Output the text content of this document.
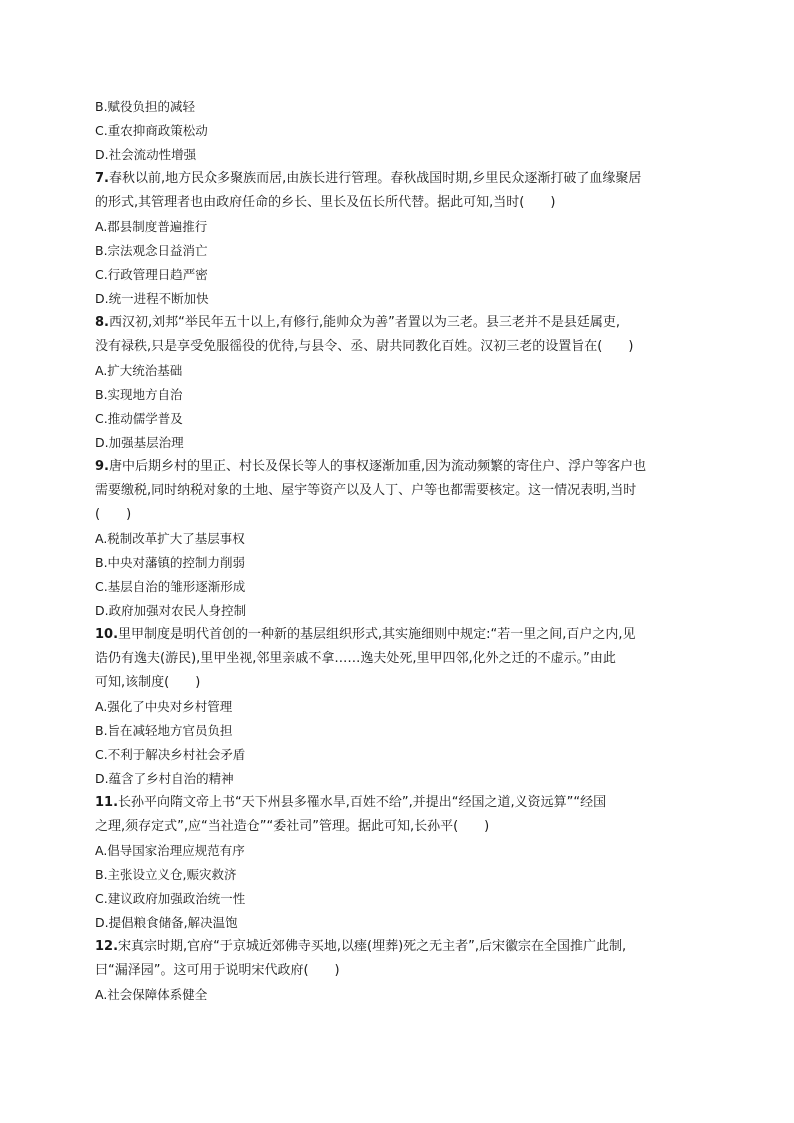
B.赋役负担的减轻
C.重农抑商政策松动
D.社会流动性增强
7.春秋以前,地方民众多聚族而居,由族长进行管理。春秋战国时期,乡里民众逐渐打破了血缘聚居
的形式,其管理者也由政府任命的乡长、里长及伍长所代替。据此可知,当时(　　)
A.郡县制度普遍推行
B.宗法观念日益消亡
C.行政管理日趋严密
D.统一进程不断加快
8.西汉初,刘邦“举民年五十以上,有修行,能帅众为善”者置以为三老。县三老并不是县廷属吏,
没有禄秩,只是享受免服徭役的优待,与县令、丞、尉共同教化百姓。汉初三老的设置旨在(　　)
A.扩大统治基础
B.实现地方自治
C.推动儒学普及
D.加强基层治理
9.唐中后期乡村的里正、村长及保长等人的事权逐渐加重,因为流动频繁的寄住户、浮户等客户也
需要缴税,同时纳税对象的土地、屋宇等资产以及人丁、户等也都需要核定。这一情况表明,当时
(　　)
A.税制改革扩大了基层事权
B.中央对藩镇的控制力削弱
C.基层自治的雏形逐渐形成
D.政府加强对农民人身控制
10.里甲制度是明代首创的一种新的基层组织形式,其实施细则中规定:“若一里之间,百户之内,见
诰仍有逸夫(游民),里甲坐视,邻里亲戚不拿……逸夫处死,里甲四邻,化外之迁的不虚示。”由此
可知,该制度(　　)
A.强化了中央对乡村管理
B.旨在减轻地方官员负担
C.不利于解决乡村社会矛盾
D.蕴含了乡村自治的精神
11.长孙平向隋文帝上书“天下州县多罹水旱,百姓不给”,并提出“经国之道,义资远算”“经国
之理,须存定式”,应“当社造仓”“委社司”管理。据此可知,长孙平(　　)
A.倡导国家治理应规范有序
B.主张设立义仓,赈灾救济
C.建议政府加强政治统一性
D.提倡粮食储备,解决温饱
12.宋真宗时期,官府“于京城近郊佛寺买地,以瘗(埋葬)死之无主者”,后宋徽宗在全国推广此制,
曰“漏泽园”。这可用于说明宋代政府(　　)
A.社会保障体系健全
